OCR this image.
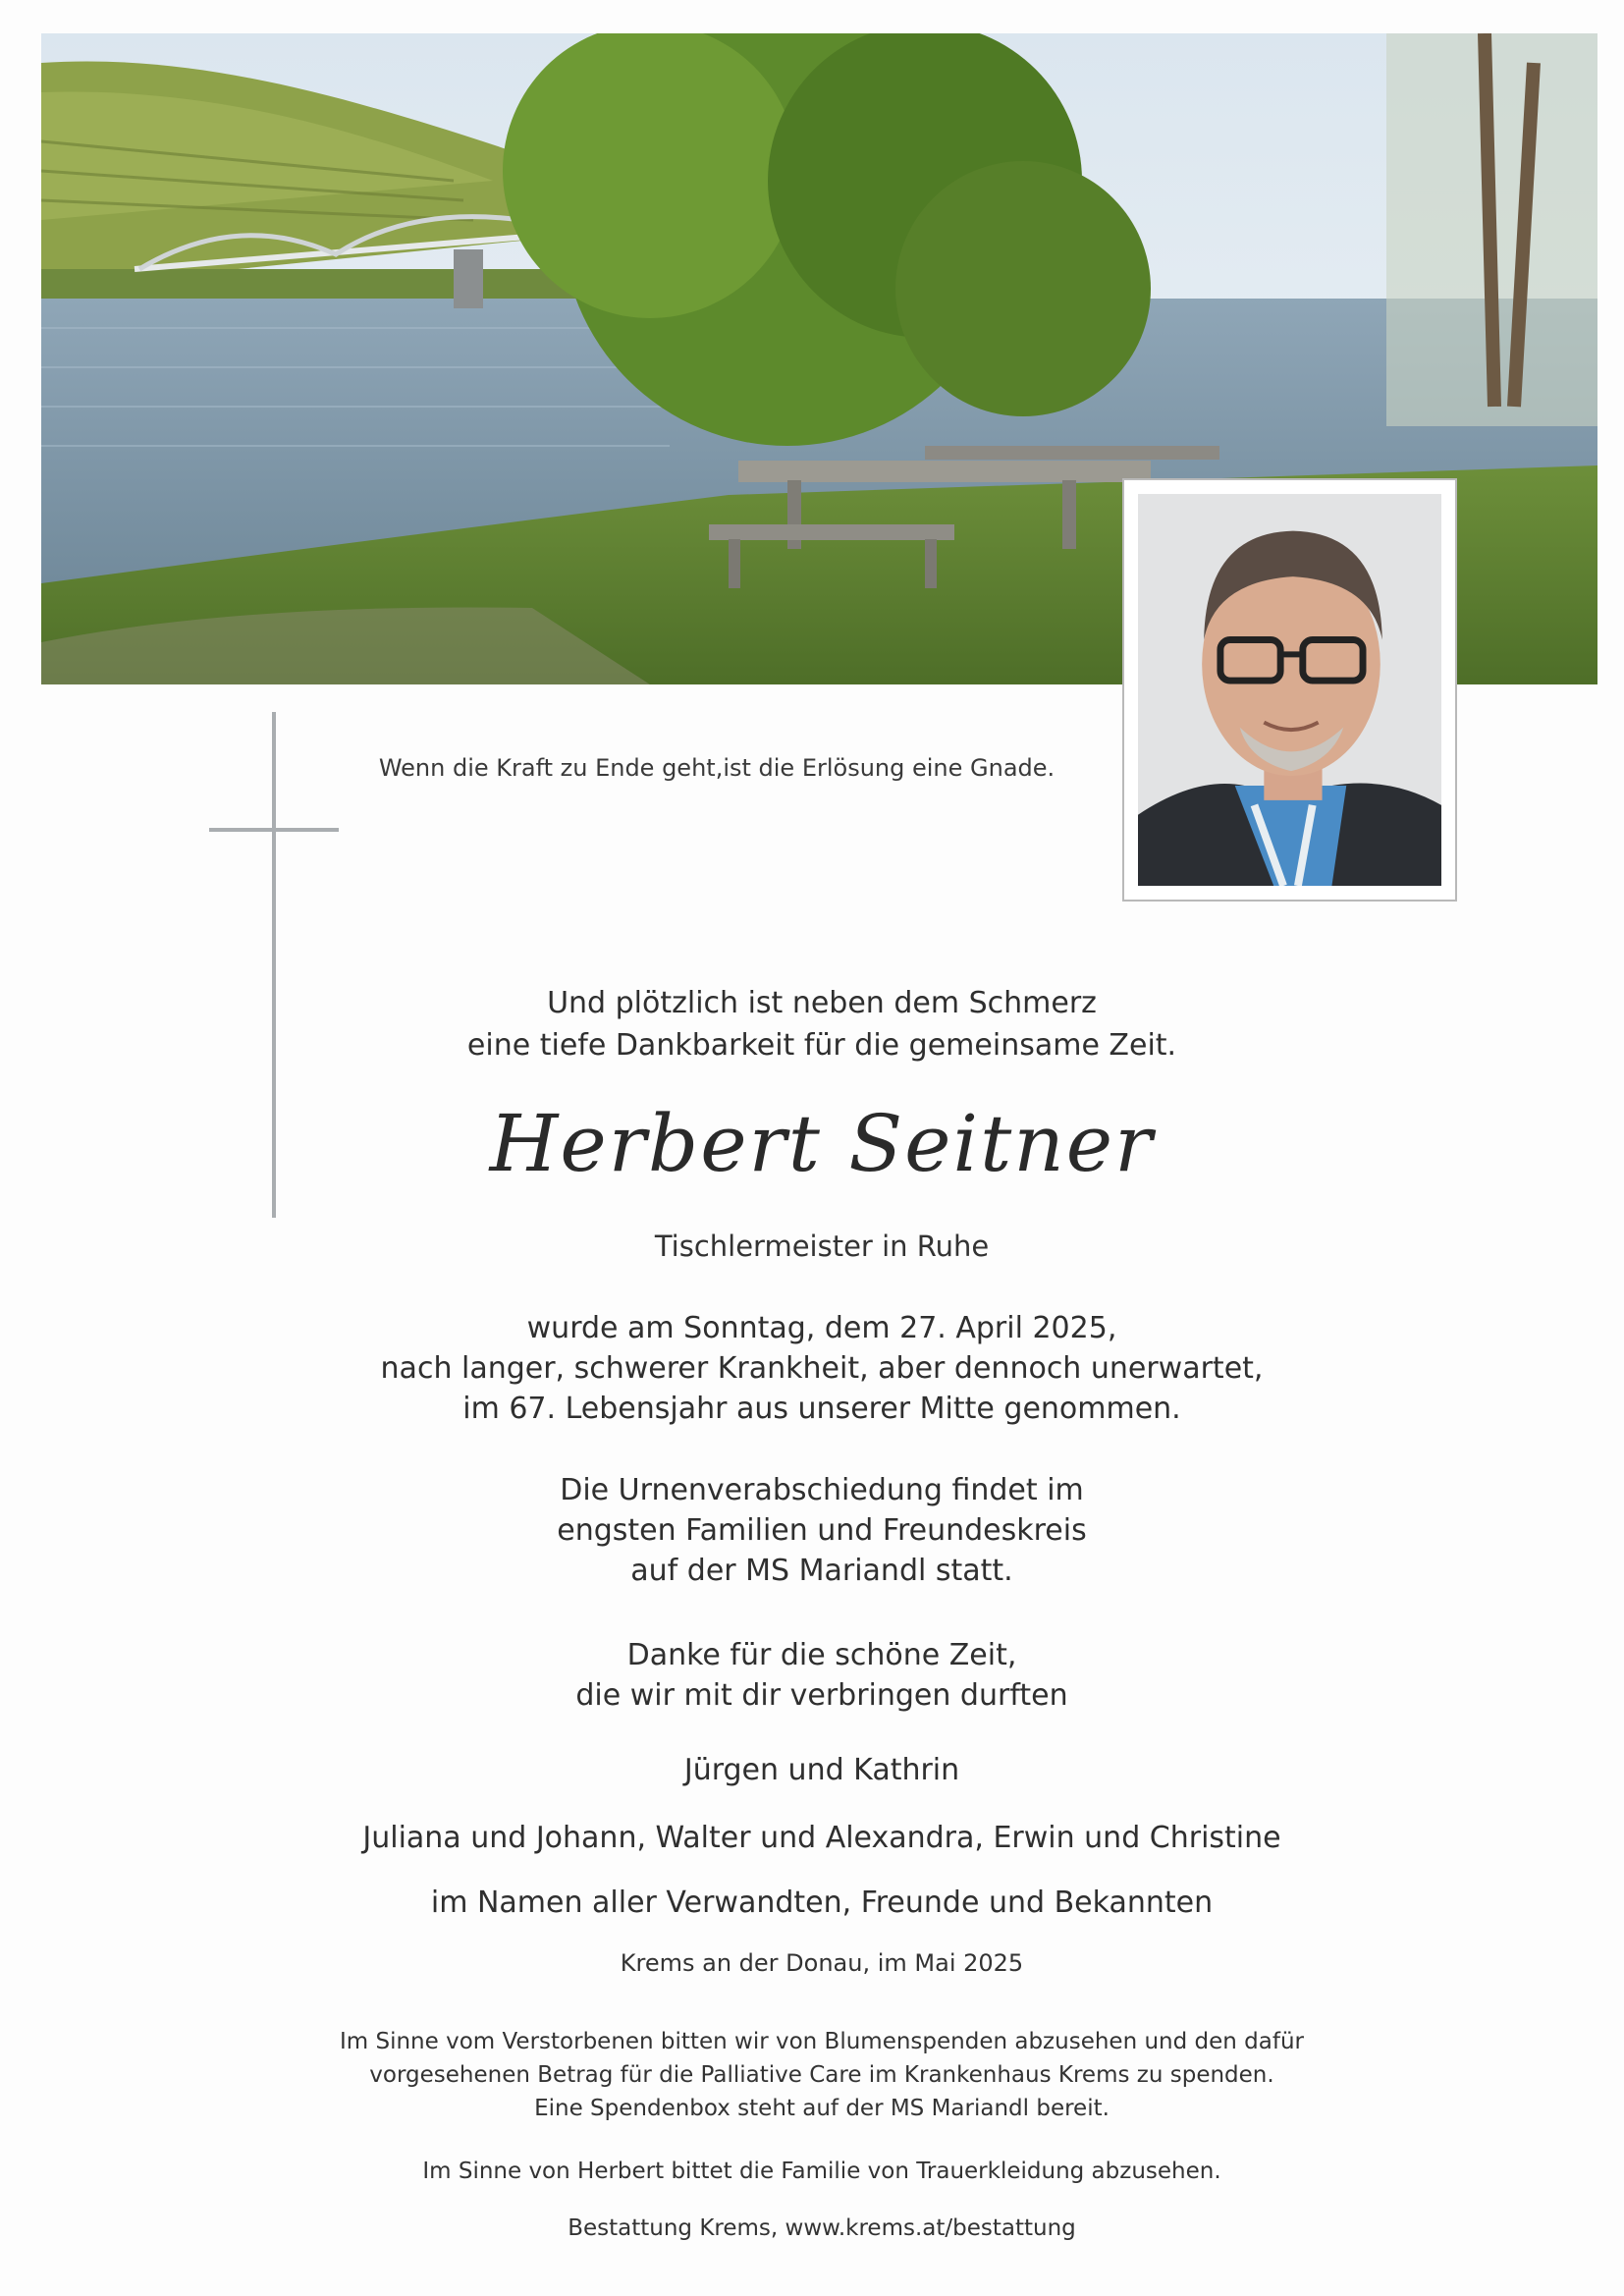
Wenn die Kraft zu Ende geht,ist die Erlösung eine Gnade.
Und plötzlich ist neben dem Schmerz
eine tiefe Dankbarkeit für die gemeinsame Zeit.
Herbert Seitner
Tischlermeister in Ruhe
wurde am Sonntag, dem 27. April 2025,
nach langer, schwerer Krankheit, aber dennoch unerwartet,
im 67. Lebensjahr aus unserer Mitte genommen.
Die Urnenverabschiedung findet im
engsten Familien und Freundeskreis
auf der MS Mariandl statt.
Danke für die schöne Zeit,
die wir mit dir verbringen durften
Jürgen und Kathrin
Juliana und Johann, Walter und Alexandra, Erwin und Christine
im Namen aller Verwandten, Freunde und Bekannten
Krems an der Donau, im Mai 2025
Im Sinne vom Verstorbenen bitten wir von Blumenspenden abzusehen und den dafür
vorgesehenen Betrag für die Palliative Care im Krankenhaus Krems zu spenden.
Eine Spendenbox steht auf der MS Mariandl bereit.
Im Sinne von Herbert bittet die Familie von Trauerkleidung abzusehen.
Bestattung Krems, www.krems.at/bestattung
